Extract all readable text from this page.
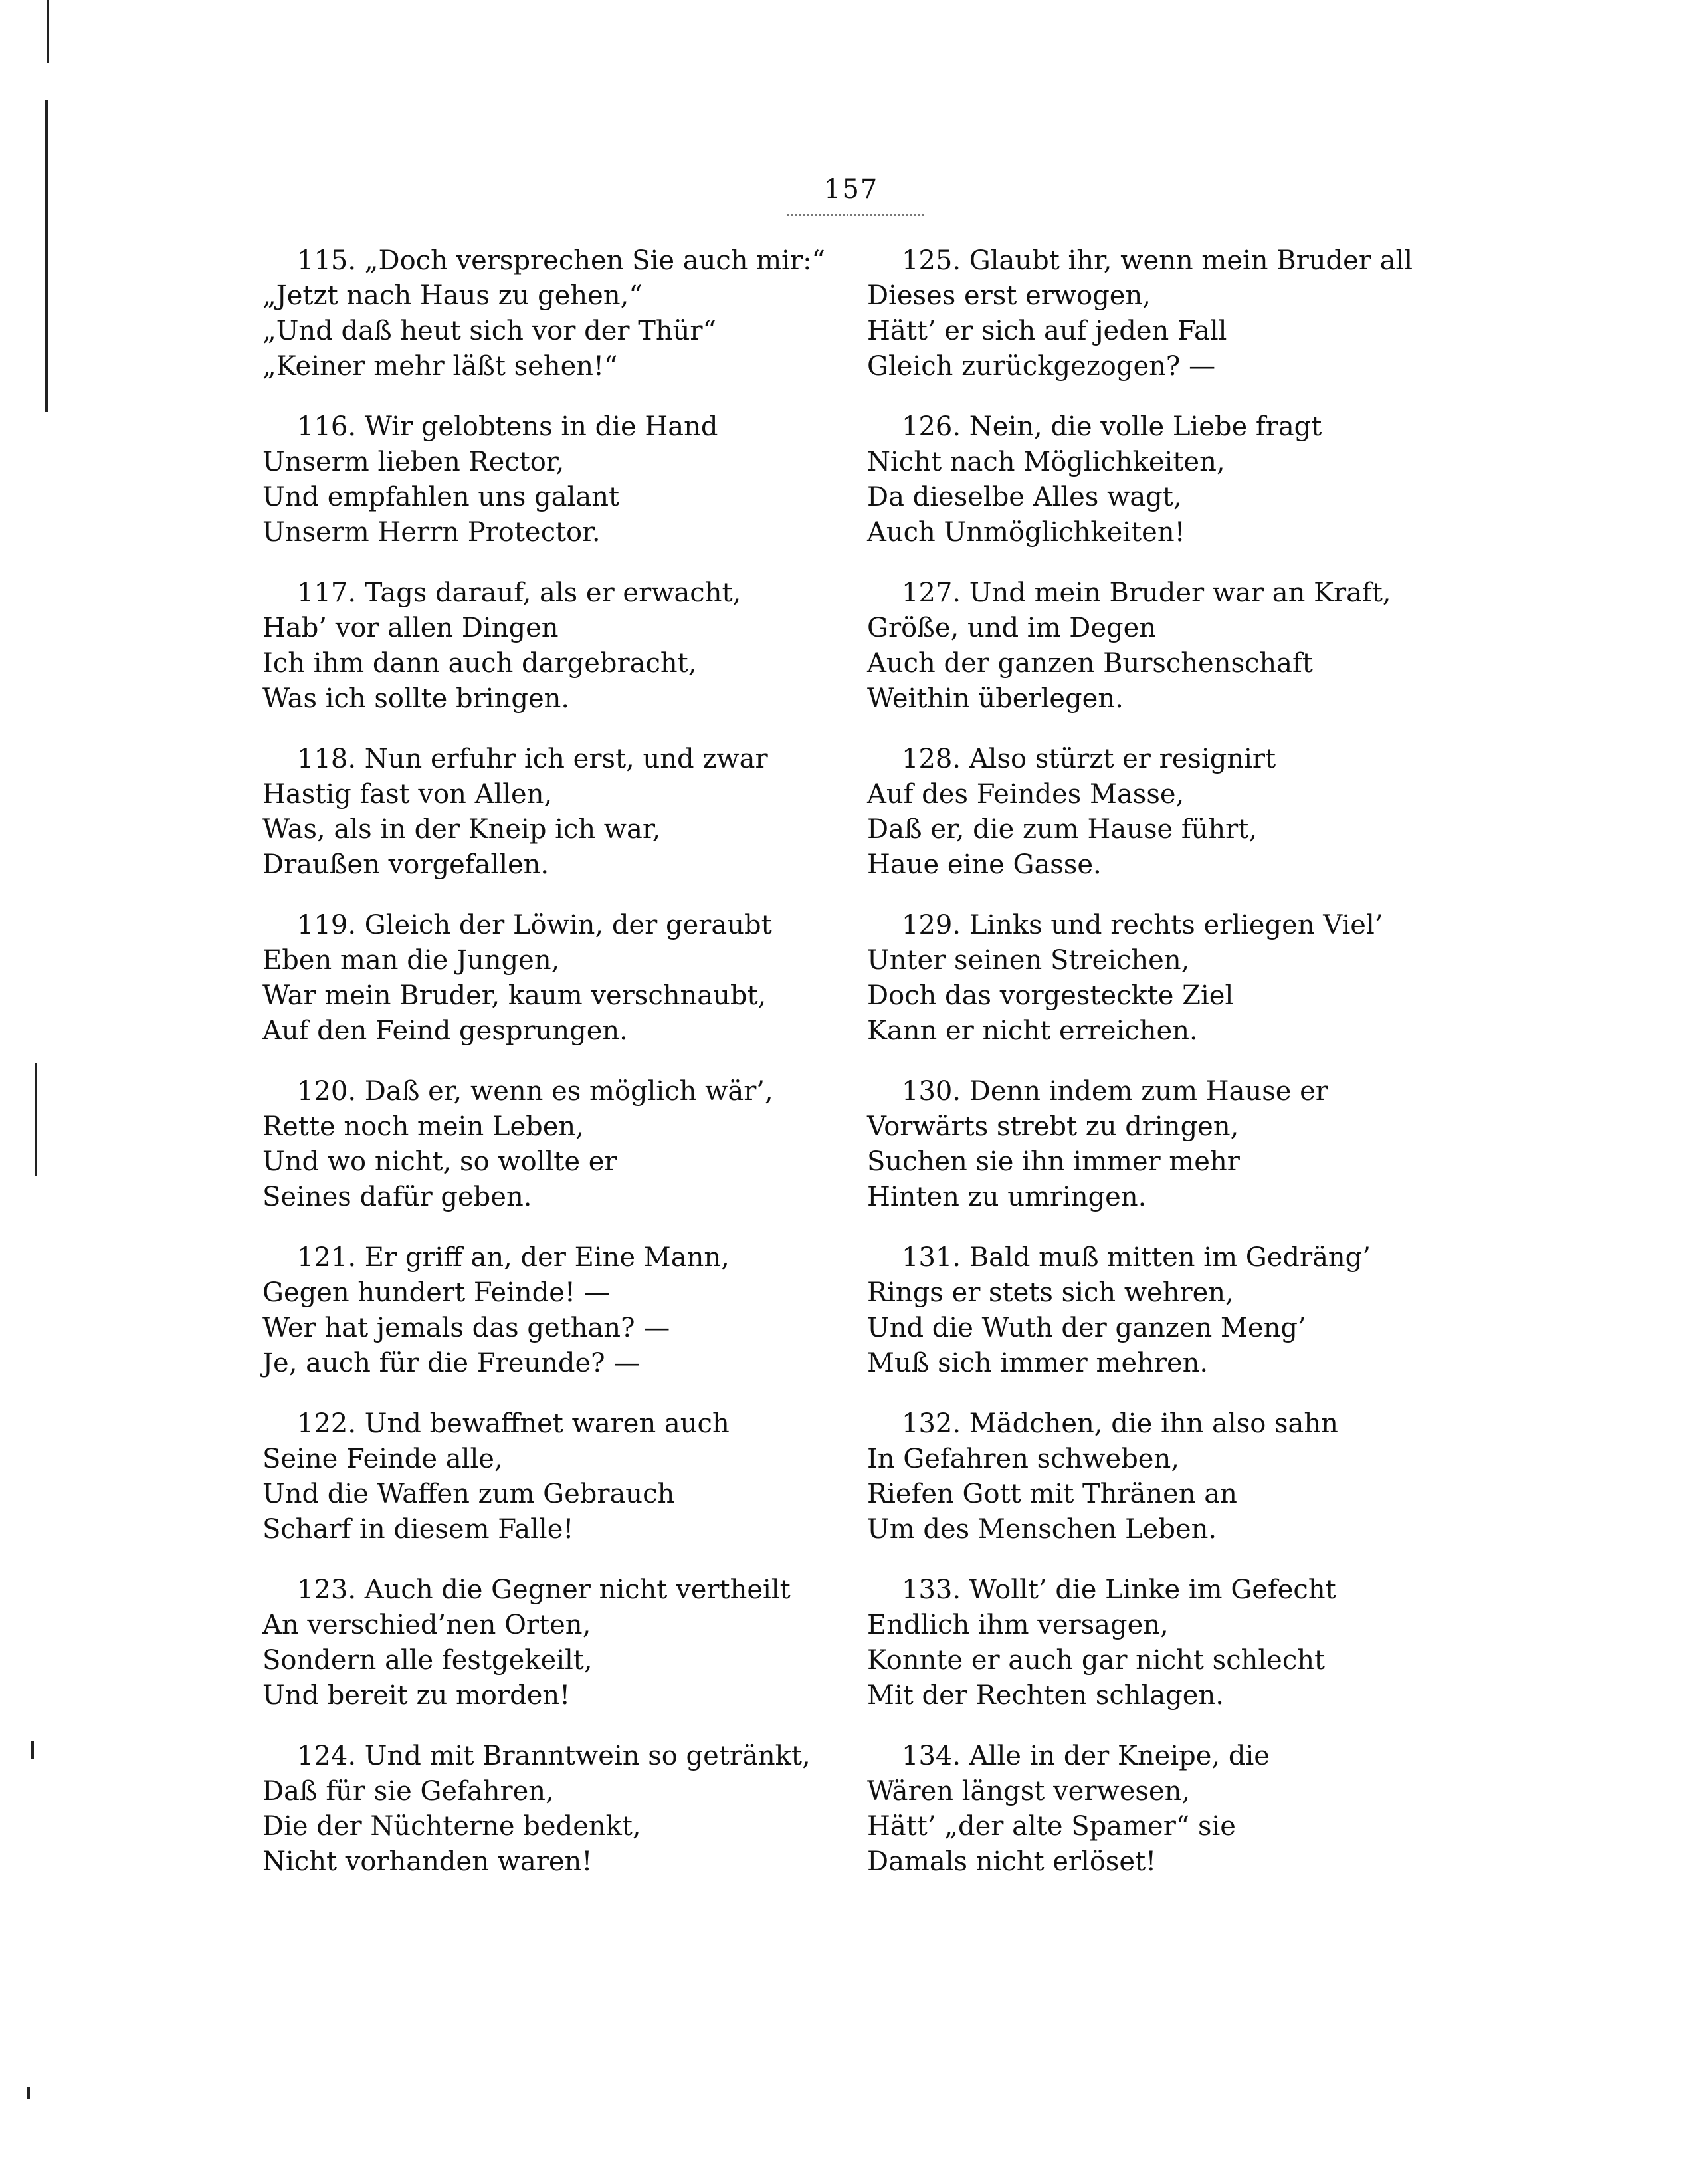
157
115. „Doch versprechen Sie auch mir:“
„Jetzt nach Haus zu gehen,“
„Und daß heut sich vor der Thür“
„Keiner mehr läßt sehen!“
116. Wir gelobtens in die Hand
Unserm lieben Rector,
Und empfahlen uns galant
Unserm Herrn Protector.
117. Tags darauf, als er erwacht,
Hab’ vor allen Dingen
Ich ihm dann auch dargebracht,
Was ich sollte bringen.
118. Nun erfuhr ich erst, und zwar
Hastig fast von Allen,
Was, als in der Kneip ich war,
Draußen vorgefallen.
119. Gleich der Löwin, der geraubt
Eben man die Jungen,
War mein Bruder, kaum verschnaubt,
Auf den Feind gesprungen.
120. Daß er, wenn es möglich wär’,
Rette noch mein Leben,
Und wo nicht, so wollte er
Seines dafür geben.
121. Er griff an, der Eine Mann,
Gegen hundert Feinde! —
Wer hat jemals das gethan? —
Je, auch für die Freunde? —
122. Und bewaffnet waren auch
Seine Feinde alle,
Und die Waffen zum Gebrauch
Scharf in diesem Falle!
123. Auch die Gegner nicht vertheilt
An verschied’nen Orten,
Sondern alle festgekeilt,
Und bereit zu morden!
124. Und mit Branntwein so getränkt,
Daß für sie Gefahren,
Die der Nüchterne bedenkt,
Nicht vorhanden waren!
125. Glaubt ihr, wenn mein Bruder all
Dieses erst erwogen,
Hätt’ er sich auf jeden Fall
Gleich zurückgezogen? —
126. Nein, die volle Liebe fragt
Nicht nach Möglichkeiten,
Da dieselbe Alles wagt,
Auch Unmöglichkeiten!
127. Und mein Bruder war an Kraft,
Größe, und im Degen
Auch der ganzen Burschenschaft
Weithin überlegen.
128. Also stürzt er resignirt
Auf des Feindes Masse,
Daß er, die zum Hause führt,
Haue eine Gasse.
129. Links und rechts erliegen Viel’
Unter seinen Streichen,
Doch das vorgesteckte Ziel
Kann er nicht erreichen.
130. Denn indem zum Hause er
Vorwärts strebt zu dringen,
Suchen sie ihn immer mehr
Hinten zu umringen.
131. Bald muß mitten im Gedräng’
Rings er stets sich wehren,
Und die Wuth der ganzen Meng’
Muß sich immer mehren.
132. Mädchen, die ihn also sahn
In Gefahren schweben,
Riefen Gott mit Thränen an
Um des Menschen Leben.
133. Wollt’ die Linke im Gefecht
Endlich ihm versagen,
Konnte er auch gar nicht schlecht
Mit der Rechten schlagen.
134. Alle in der Kneipe, die
Wären längst verwesen,
Hätt’ „der alte Spamer“ sie
Damals nicht erlöset!
